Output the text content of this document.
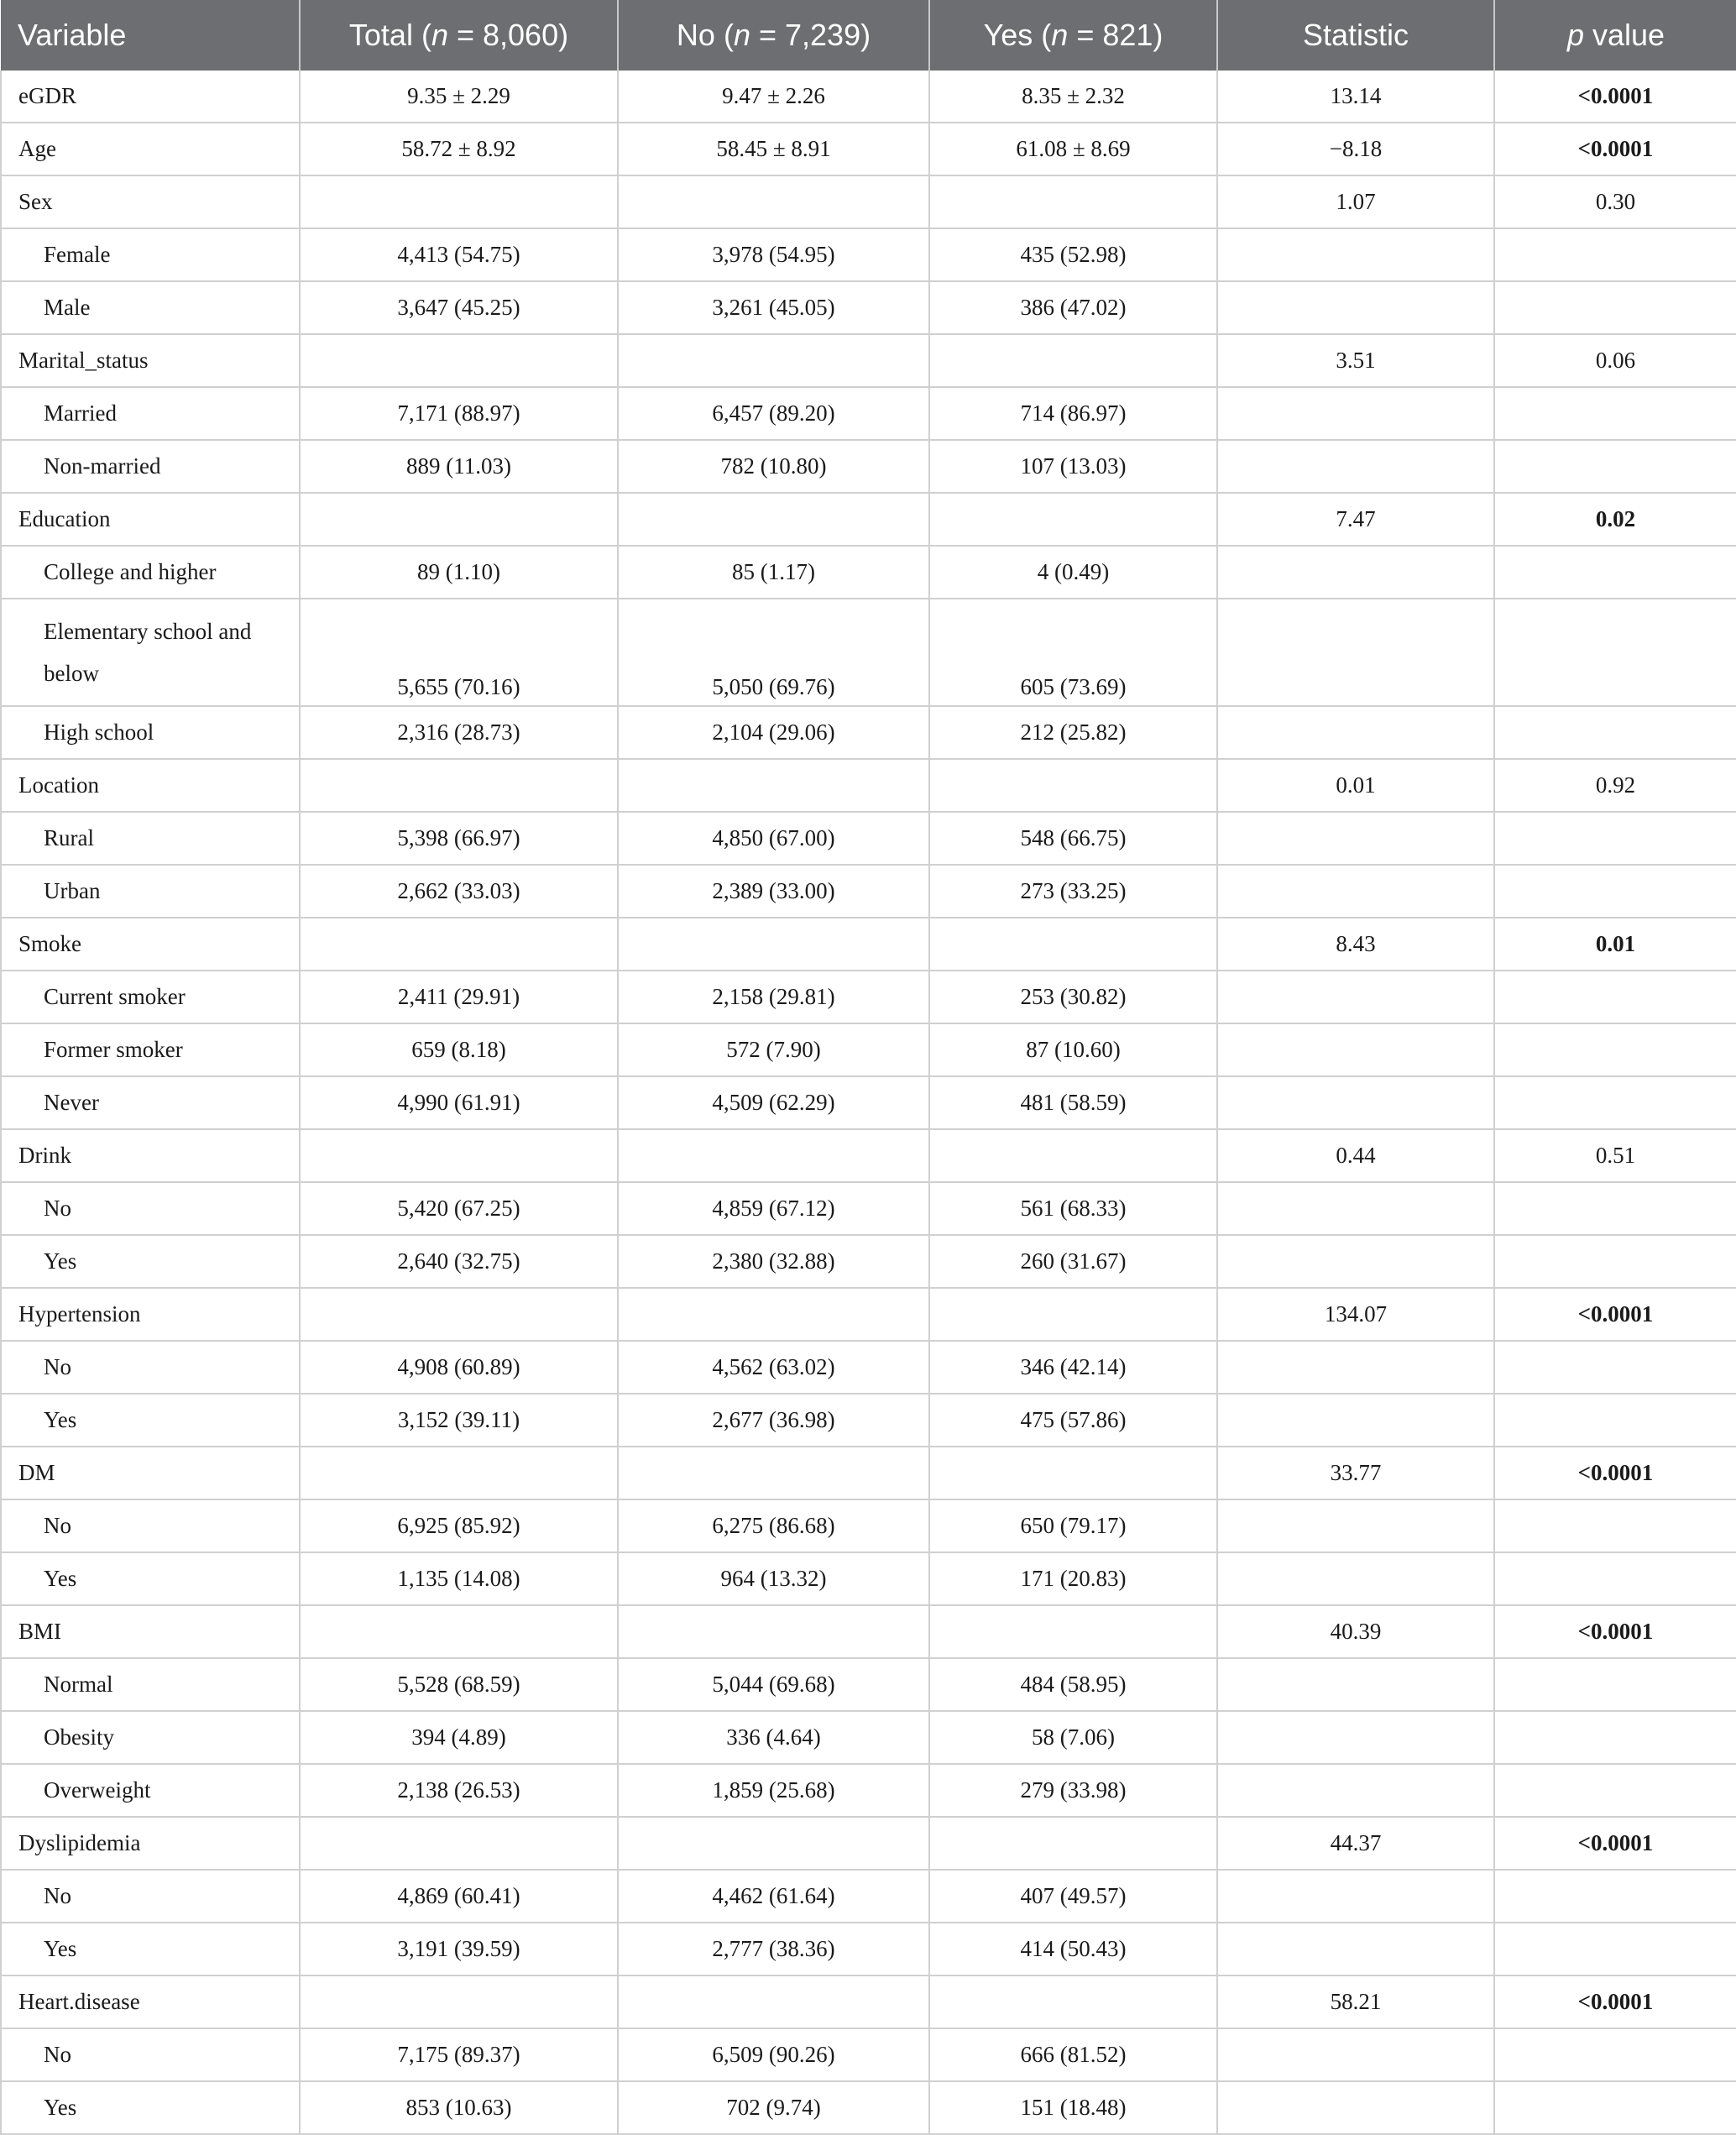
Variable	Total (n = 8,060)	No (n = 7,239)	Yes (n = 821)	Statistic	p value
eGDR	9.35 ± 2.29	9.47 ± 2.26	8.35 ± 2.32	13.14	<0.0001
Age	58.72 ± 8.92	58.45 ± 8.91	61.08 ± 8.69	−8.18	<0.0001
Sex				1.07	0.30
Female	4,413 (54.75)	3,978 (54.95)	435 (52.98)		
Male	3,647 (45.25)	3,261 (45.05)	386 (47.02)		
Marital_status				3.51	0.06
Married	7,171 (88.97)	6,457 (89.20)	714 (86.97)		
Non-married	889 (11.03)	782 (10.80)	107 (13.03)		
Education				7.47	0.02
College and higher	89 (1.10)	85 (1.17)	4 (0.49)		
Elementary school and below	5,655 (70.16)	5,050 (69.76)	605 (73.69)		
High school	2,316 (28.73)	2,104 (29.06)	212 (25.82)		
Location				0.01	0.92
Rural	5,398 (66.97)	4,850 (67.00)	548 (66.75)		
Urban	2,662 (33.03)	2,389 (33.00)	273 (33.25)		
Smoke				8.43	0.01
Current smoker	2,411 (29.91)	2,158 (29.81)	253 (30.82)		
Former smoker	659 (8.18)	572 (7.90)	87 (10.60)		
Never	4,990 (61.91)	4,509 (62.29)	481 (58.59)		
Drink				0.44	0.51
No	5,420 (67.25)	4,859 (67.12)	561 (68.33)		
Yes	2,640 (32.75)	2,380 (32.88)	260 (31.67)		
Hypertension				134.07	<0.0001
No	4,908 (60.89)	4,562 (63.02)	346 (42.14)		
Yes	3,152 (39.11)	2,677 (36.98)	475 (57.86)		
DM				33.77	<0.0001
No	6,925 (85.92)	6,275 (86.68)	650 (79.17)		
Yes	1,135 (14.08)	964 (13.32)	171 (20.83)		
BMI				40.39	<0.0001
Normal	5,528 (68.59)	5,044 (69.68)	484 (58.95)		
Obesity	394 (4.89)	336 (4.64)	58 (7.06)		
Overweight	2,138 (26.53)	1,859 (25.68)	279 (33.98)		
Dyslipidemia				44.37	<0.0001
No	4,869 (60.41)	4,462 (61.64)	407 (49.57)		
Yes	3,191 (39.59)	2,777 (38.36)	414 (50.43)		
Heart.disease				58.21	<0.0001
No	7,175 (89.37)	6,509 (90.26)	666 (81.52)		
Yes	853 (10.63)	702 (9.74)	151 (18.48)		
